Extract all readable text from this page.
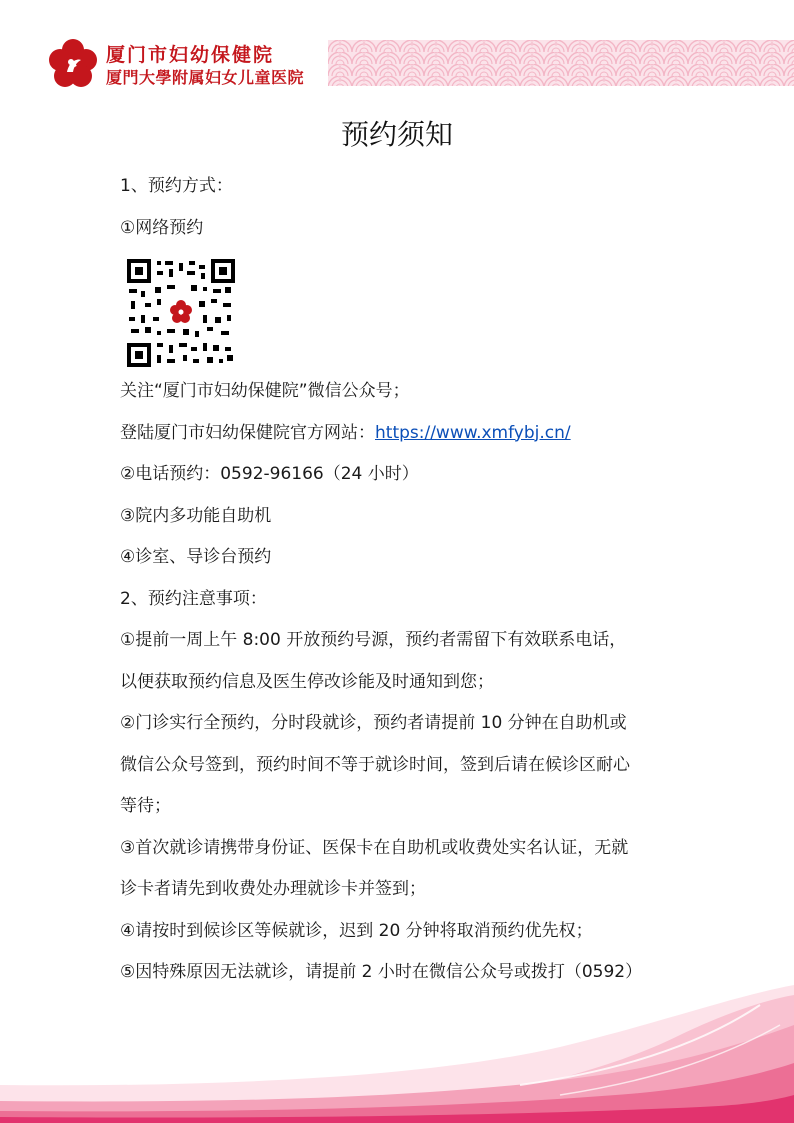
厦门市妇幼保健院
厦門大學附属妇女儿童医院
预约须知
1、预约方式：
①网络预约
关注“厦门市妇幼保健院”微信公众号；
登陆厦门市妇幼保健院官方网站：https://www.xmfybj.cn/
②电话预约：0592-96166（24 小时）
③院内多功能自助机
④诊室、导诊台预约
2、预约注意事项：
①提前一周上午 8:00 开放预约号源，预约者需留下有效联系电话，
以便获取预约信息及医生停改诊能及时通知到您；
②门诊实行全预约，分时段就诊，预约者请提前 10 分钟在自助机或
微信公众号签到，预约时间不等于就诊时间，签到后请在候诊区耐心
等待；
③首次就诊请携带身份证、医保卡在自助机或收费处实名认证，无就
诊卡者请先到收费处办理就诊卡并签到；
④请按时到候诊区等候就诊，迟到 20 分钟将取消预约优先权；
⑤因特殊原因无法就诊，请提前 2 小时在微信公众号或拨打（0592）
